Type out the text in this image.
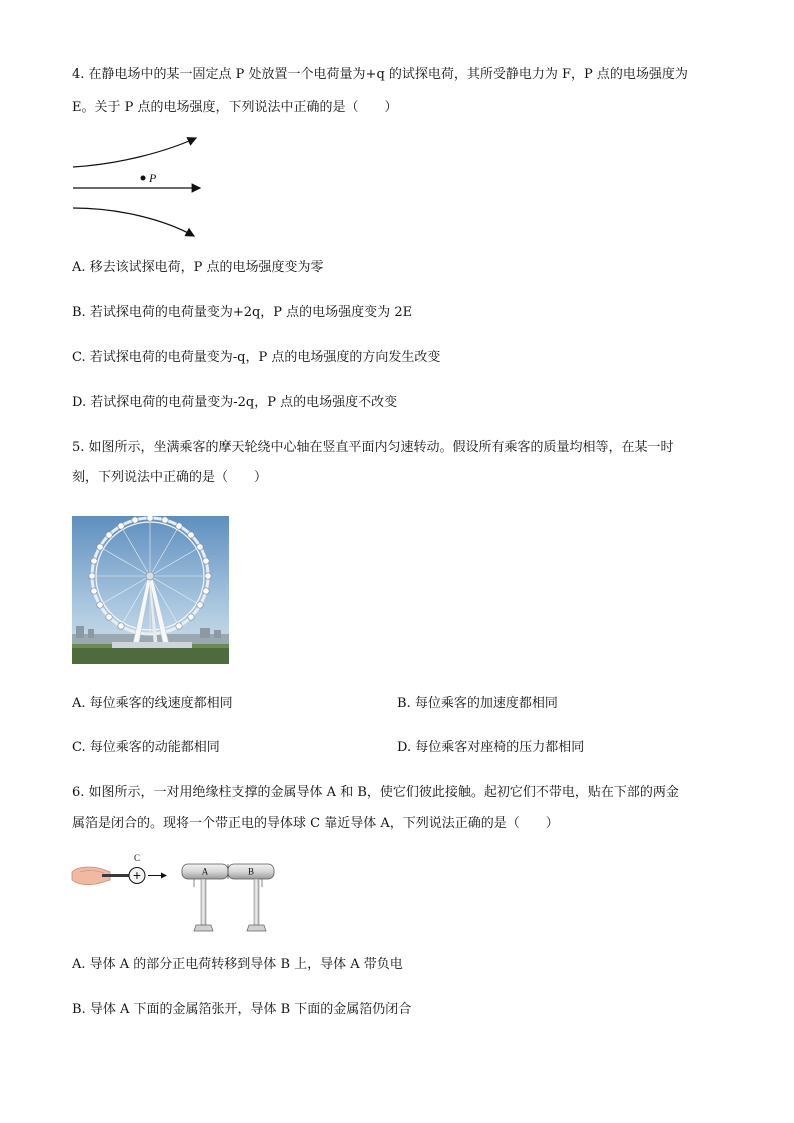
4. 在静电场中的某一固定点 P 处放置一个电荷量为+q 的试探电荷，其所受静电力为 F，P 点的电场强度为
E。关于 P 点的电场强度，下列说法中正确的是（　　）
P
A. 移去该试探电荷，P 点的电场强度变为零
B. 若试探电荷的电荷量变为+2q，P 点的电场强度变为 2E
C. 若试探电荷的电荷量变为-q，P 点的电场强度的方向发生改变
D. 若试探电荷的电荷量变为-2q，P 点的电场强度不改变
5. 如图所示，坐满乘客的摩天轮绕中心轴在竖直平面内匀速转动。假设所有乘客的质量均相等，在某一时
刻，下列说法中正确的是（　　）
A. 每位乘客的线速度都相同	B. 每位乘客的加速度都相同
C. 每位乘客的动能都相同	D. 每位乘客对座椅的压力都相同
6. 如图所示，一对用绝缘柱支撑的金属导体 A 和 B，使它们彼此接触。起初它们不带电，贴在下部的两金
属箔是闭合的。现将一个带正电的导体球 C 靠近导体 A，下列说法正确的是（　　）
+
C
A	B
A. 导体 A 的部分正电荷转移到导体 B 上，导体 A 带负电
B. 导体 A 下面的金属箔张开，导体 B 下面的金属箔仍闭合
